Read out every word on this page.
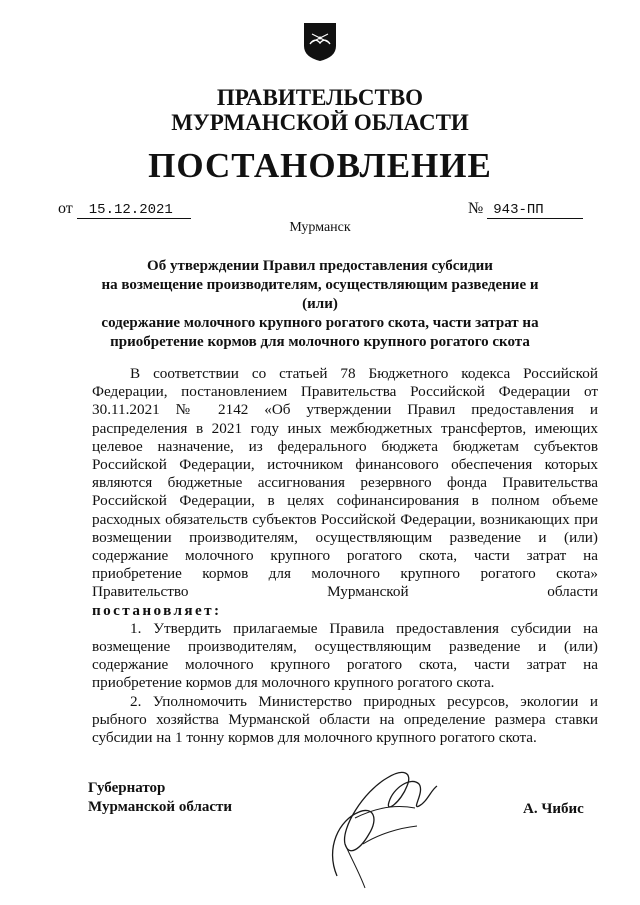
ПРАВИТЕЛЬСТВО
МУРМАНСКОЙ ОБЛАСТИ
ПОСТАНОВЛЕНИЕ
от 15.12.2021	№ 943-ПП
Мурманск
Об утверждении Правил предоставления субсидии
на возмещение производителям, осуществляющим разведение и (или)
содержание молочного крупного рогатого скота, части затрат на
приобретение кормов для молочного крупного рогатого скота

В соответствии со статьей 78 Бюджетного кодекса Российской Федерации, постановлением Правительства Российской Федерации от 30.11.2021 № 2142 «Об утверждении Правил предоставления и распределения в 2021 году иных межбюджетных трансфертов, имеющих целевое назначение, из федерального бюджета бюджетам субъектов Российской Федерации, источником финансового обеспечения которых являются бюджетные ассигнования резервного фонда Правительства Российской Федерации, в целях софинансирования в полном объеме расходных обязательств субъектов Российской Федерации, возникающих при возмещении производителям, осуществляющим разведение и (или) содержание молочного крупного рогатого скота, части затрат на приобретение кормов для молочного крупного рогатого скота» Правительство Мурманской области

постановляет:

1. Утвердить прилагаемые Правила предоставления субсидии на возмещение производителям, осуществляющим разведение и (или) содержание молочного крупного рогатого скота, части затрат на приобретение кормов для молочного крупного рогатого скота.

2. Уполномочить Министерство природных ресурсов, экологии и рыбного хозяйства Мурманской области на определение размера ставки субсидии на 1 тонну кормов для молочного крупного рогатого скота.

Губернатор
Мурманской области	А. Чибис
